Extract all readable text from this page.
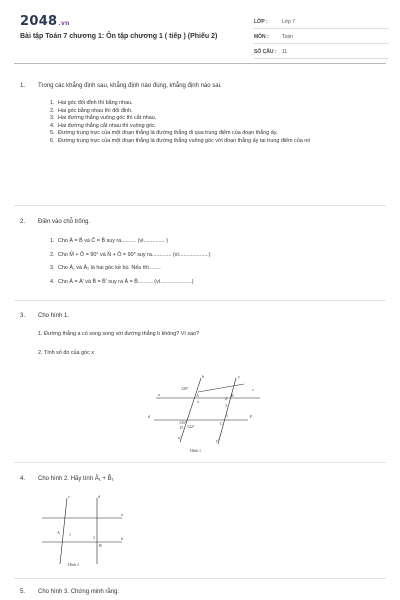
2048.vn
Bài tập Toán 7 chương 1: Ôn tập chương 1 ( tiếp ) (Phiếu 2)
LỚP :	Lớp 7
MÔN :	Toán
SỐ CÂU :	11
1. Trong các khẳng định sau, khẳng định nào đúng, khẳng định nào sai.
1. Hai góc đối đỉnh thì bằng nhau.
2. Hai góc bằng nhau thì đối đỉnh.
3. Hai đường thẳng vuông góc thì cắt nhau.
4. Hai đường thẳng cắt nhau thì vuông góc.
5. Đường trung trực của một đoạn thẳng là đường thẳng đi qua trung điểm của đoạn thẳng ấy.
6. Đường trung trực của một đoạn thẳng là đường thẳng vuông góc với đoạn thẳng ấy tại trung điểm của nó
2. Điền vào chỗ trống.
1. Cho Â = B̂ và Ĉ = B̂ suy ra.......... (vì.............. )
2. Cho M̂ + Ô = 90° và N̂ + Ô = 90° suy ra............. (vì....................)
3. Cho Â₁ và Â₂ là hai góc kề bù. Nếu thì........
4. Cho Â = Â' và B̂ = B̂' suy ra Â = B̂.......... (vì.....................)
3. Cho hình 1.
1. Đường thẳng a có song song với đường thẳng b không? Vì sao?
2. Tính số đo của góc x
a
d	F
c
b	y
120°
A	B
2
3
1
C
135°
D 122°
x'
y'
x
Hình 1
4. Cho hình 2. Hãy tính Â₁ + B̂₁
c	d
a
b
A
B
1
1
Hình 2
5. Cho hình 3. Chứng minh rằng:
